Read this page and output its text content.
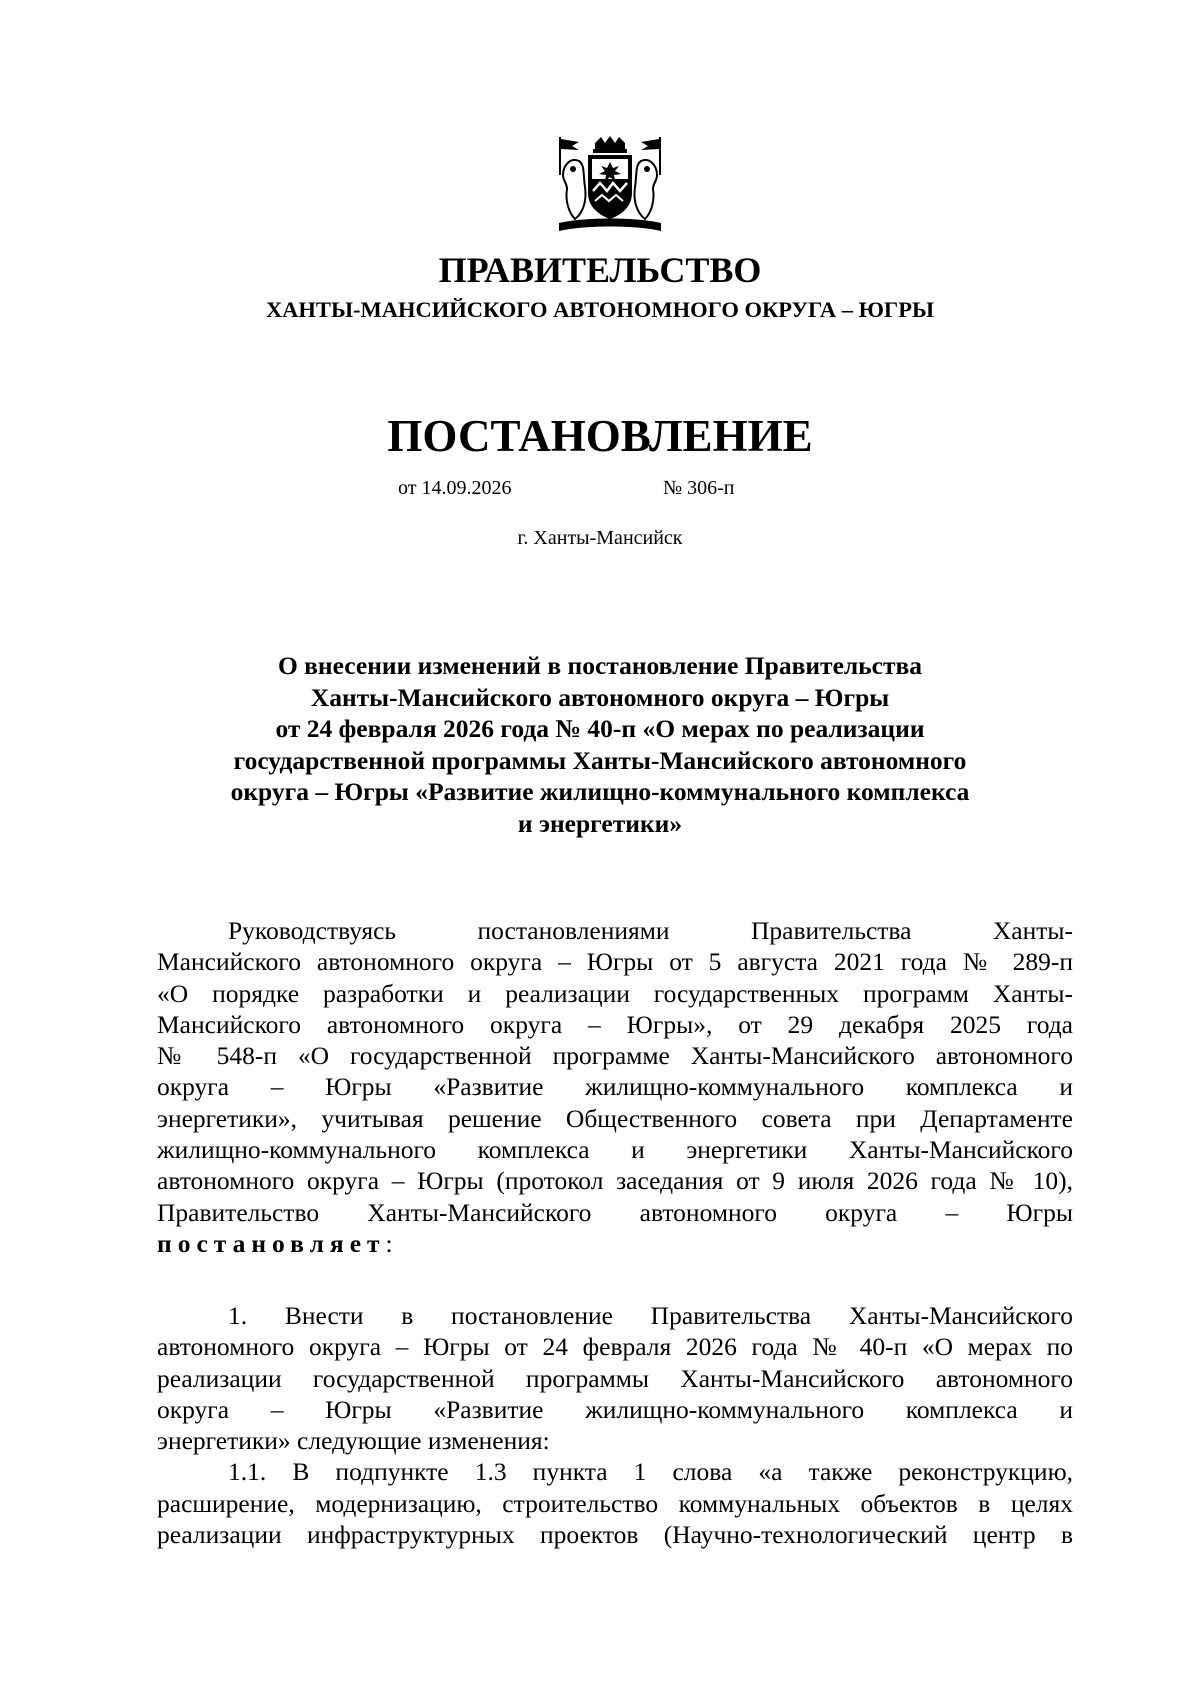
ПРАВИТЕЛЬСТВО
ХАНТЫ-МАНСИЙСКОГО АВТОНОМНОГО ОКРУГА – ЮГРЫ
ПОСТАНОВЛЕНИЕ
от 14.09.2026	№ 306-п
г. Ханты-Мансийск
О внесении изменений в постановление Правительства
Ханты-Мансийского автономного округа – Югры
от 24 февраля 2026 года № 40-п «О мерах по реализации
государственной программы Ханты-Мансийского автономного
округа – Югры «Развитие жилищно-коммунального комплекса
и энергетики»
Руководствуясь постановлениями Правительства Ханты-
Мансийского автономного округа – Югры от 5 августа 2021 года № 289-п
«О порядке разработки и реализации государственных программ Ханты-
Мансийского автономного округа – Югры», от 29 декабря 2025 года
№ 548-п «О государственной программе Ханты-Мансийского автономного
округа – Югры «Развитие жилищно-коммунального комплекса и
энергетики», учитывая решение Общественного совета при Департаменте
жилищно-коммунального комплекса и энергетики Ханты-Мансийского
автономного округа – Югры (протокол заседания от 9 июля 2026 года № 10),
Правительство Ханты-Мансийского автономного округа – Югры
постановляет:
1. Внести в постановление Правительства Ханты-Мансийского
автономного округа – Югры от 24 февраля 2026 года № 40-п «О мерах по
реализации государственной программы Ханты-Мансийского автономного
округа – Югры «Развитие жилищно-коммунального комплекса и
энергетики» следующие изменения:
1.1. В подпункте 1.3 пункта 1 слова «а также реконструкцию,
расширение, модернизацию, строительство коммунальных объектов в целях
реализации инфраструктурных проектов (Научно-технологический центр в
